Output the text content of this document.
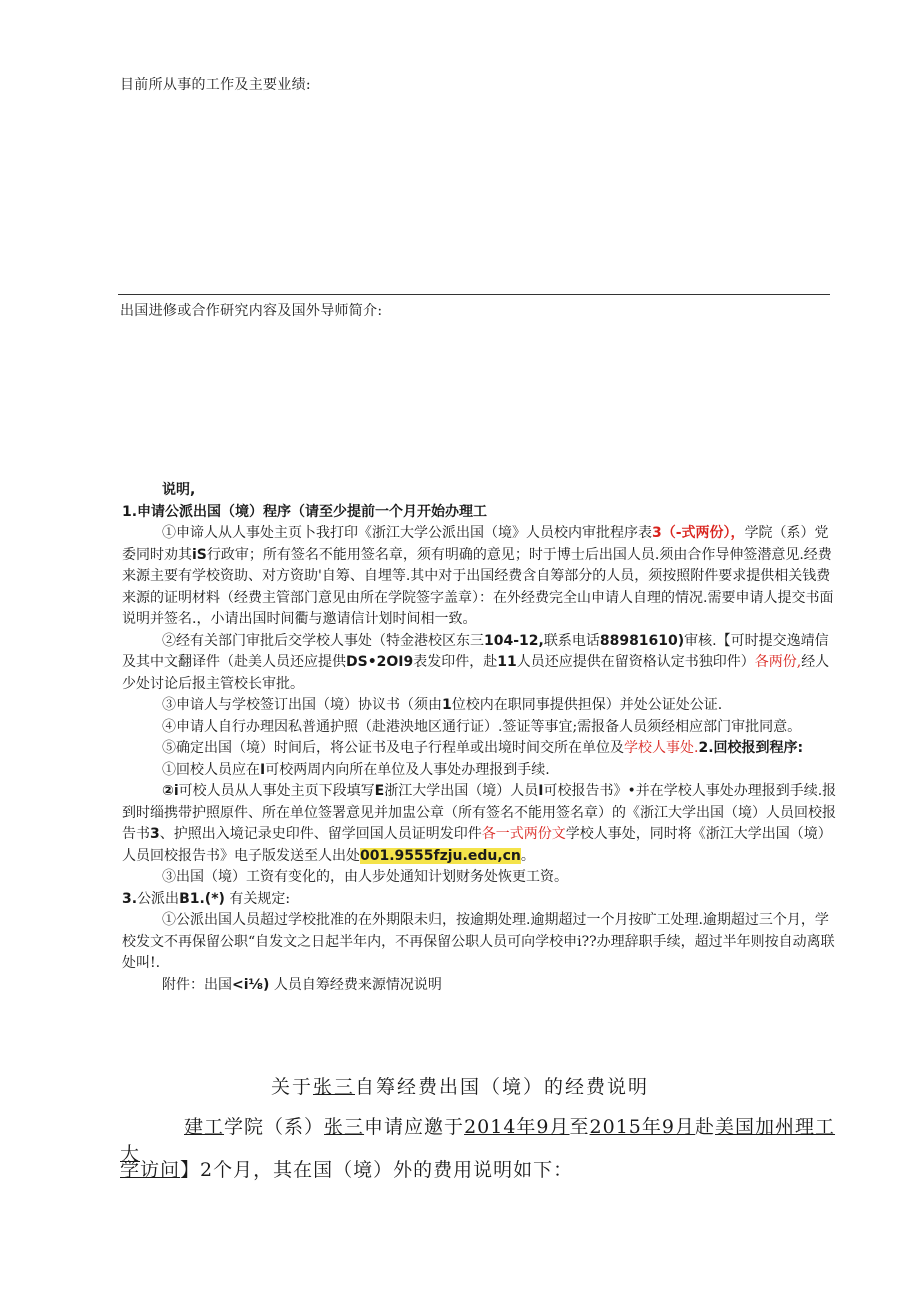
目前所从事的工作及主要业绩:
出国进修或合作研究内容及国外导师简介:

说明,

1.申请公派出国（境）程序（请至少提前一个月开始办理工

①申谛人从人事处主页卜我打印《浙江大学公派出国（境》人员校内审批程序表3（-式两份），学院（系）党委同时劝其iS行政审；所有签名不能用签名章，须有明确的意见；时于博士后出国人员.须由合作导伸签潜意见.经费来源主要有学校资助、对方资助'自筹、自埋等.其中对于出国经费含自筹部分的人员，须按照附件要求提供相关钱费来源的证明材料（经费主管部门意见由所在学院签字盖章）：在外经费完全山申请人自理的情况.需要申请人提交书面说明并签名.，小请出国时间衢与邀请信计划时间相一致。

②经有关部门审批后交学校人事处（特金港校区东三104-12,联系电话88981610)审核.【可时提交逸靖信及其中文翻译件（赴美人员还应提供DS•2OI9表发印件，赴11人员还应提供在留资格认定书独印件）各两份,经人少处讨论后报主管校长审批。

③申谙人与学校签订出国（境）协议书（须由1位校内在职同事提供担保）并处公证处公证.

④申请人自行办理因私普通护照（赴港泱地区通行证）.签证等事宜;需报备人员须经相应部门审批同意。

⑤确定出国（境）时间后，将公证书及电子行程单或出境时间交所在单位及学校人事处.2.回校报到程序:

①回校人员应在I可校两周内向所在单位及人事处办理报到手续.

②i可校人员从人事处主页下段填写E浙江大学出国（境）人员I可校报告书》•并在学校人事处办理报到手续.报到时缁携带护照原件、所在单位签署意见并加盅公章（所有签名不能用签名章）的《浙江大学出国（境）人员回校报告书3、护照出入境记录史印件、留学回国人员证明发印件各一式两份文学校人事处，同时将《浙江大学出国（境）人员回校报告书》电子版发送至人出处001.9555fzju.edu,cn。

③出国（境）工资有变化的，由人步处通知计划财务处恢更工资。

3.公派出B1.(*) 有关规定:

①公派出国人员超过学校批准的在外期限未归，按逾期处理.逾期超过一个月按旷工处理.逾期超过三个月，学校发文不再保留公职“自发文之日起半年内，不再保留公职人员可向学校申i??办理辞职手续，超过半年则按自动离联处叫!.

附件：出国<i⅛) 人员自筹经费来源情况说明

关于张三自筹经费出国（境）的经费说明
建工学院（系）张三申请应邀于2014年9月至2015年9月赴美国加州理工大
学访问】2个月，其在国（境）外的费用说明如下：
